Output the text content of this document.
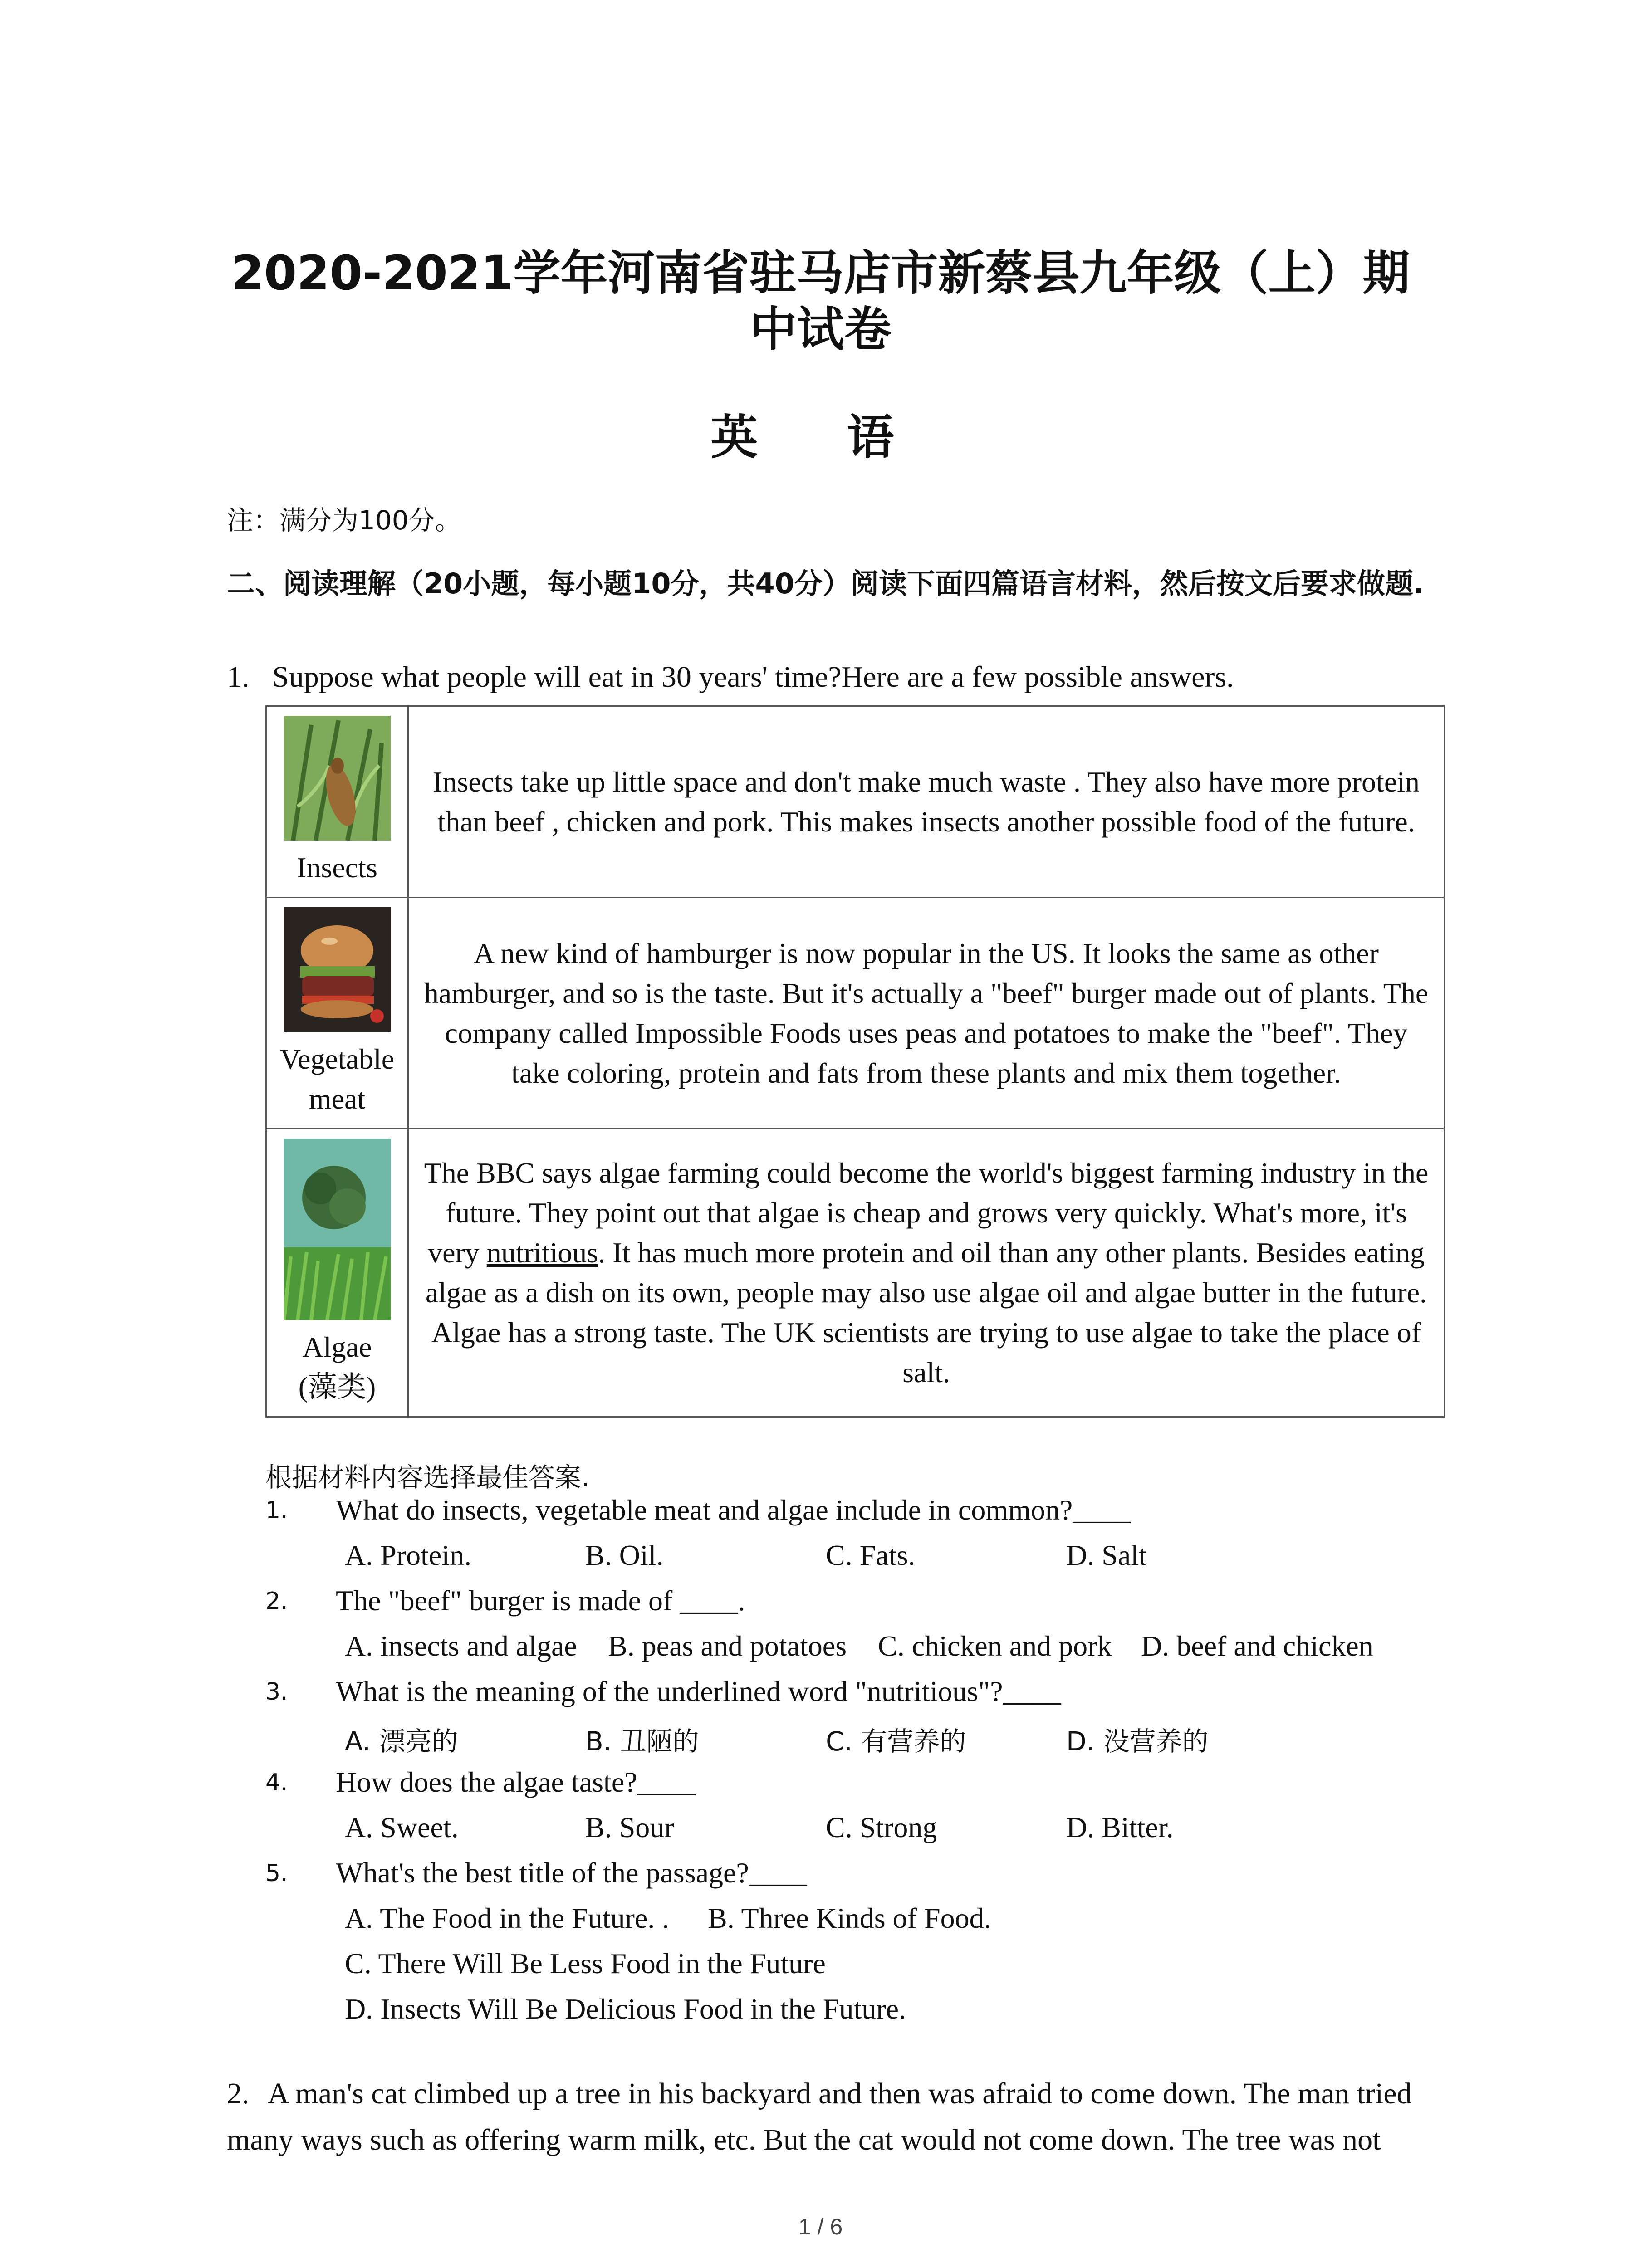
2020-2021学年河南省驻马店市新蔡县九年级（上）期
中试卷
英 语
注：满分为100分。
二、阅读理解（20小题，每小题10分，共40分）阅读下面四篇语言材料，然后按文后要求做题.
1. Suppose what people will eat in 30 years' time?Here are a few possible answers.
Insects	Insects take up little space and don't make much waste . They also have more protein than beef , chicken and pork. This makes insects another possible food of the future.

Vegetable meat	A new kind of hamburger is now popular in the US. It looks the same as other hamburger, and so is the taste. But it's actually a "beef" burger made out of plants. The company called Impossible Foods uses peas and potatoes to make the "beef". They take coloring, protein and fats from these plants and mix them together.

Algae
(藻类)	The BBC says algae farming could become the world's biggest farming industry in the future. They point out that algae is cheap and grows very quickly. What's more, it's very nutritious. It has much more protein and oil than any other plants. Besides eating algae as a dish on its own, people may also use algae oil and algae butter in the future. Algae has a strong taste. The UK scientists are trying to use algae to take the place of salt.
根据材料内容选择最佳答案.
1. What do insects, vegetable meat and algae include in common?____
A. Protein.	B. Oil.	C. Fats.	D. Salt
2. The "beef" burger is made of ____.
A. insects and algae B. peas and potatoes C. chicken and pork D. beef and chicken
3. What is the meaning of the underlined word "nutritious"?____
A. 漂亮的	B. 丑陋的	C. 有营养的	D. 没营养的
4. How does the algae taste?____
A. Sweet.	B. Sour	C. Strong	D. Bitter.
5. What's the best title of the passage?____
A. The Food in the Future. . B. Three Kinds of Food.
C. There Will Be Less Food in the Future
D. Insects Will Be Delicious Food in the Future.
2. A man's cat climbed up a tree in his backyard and then was afraid to come down. The man tried many ways such as offering warm milk, etc. But the cat would not come down. The tree was not
1 / 6
